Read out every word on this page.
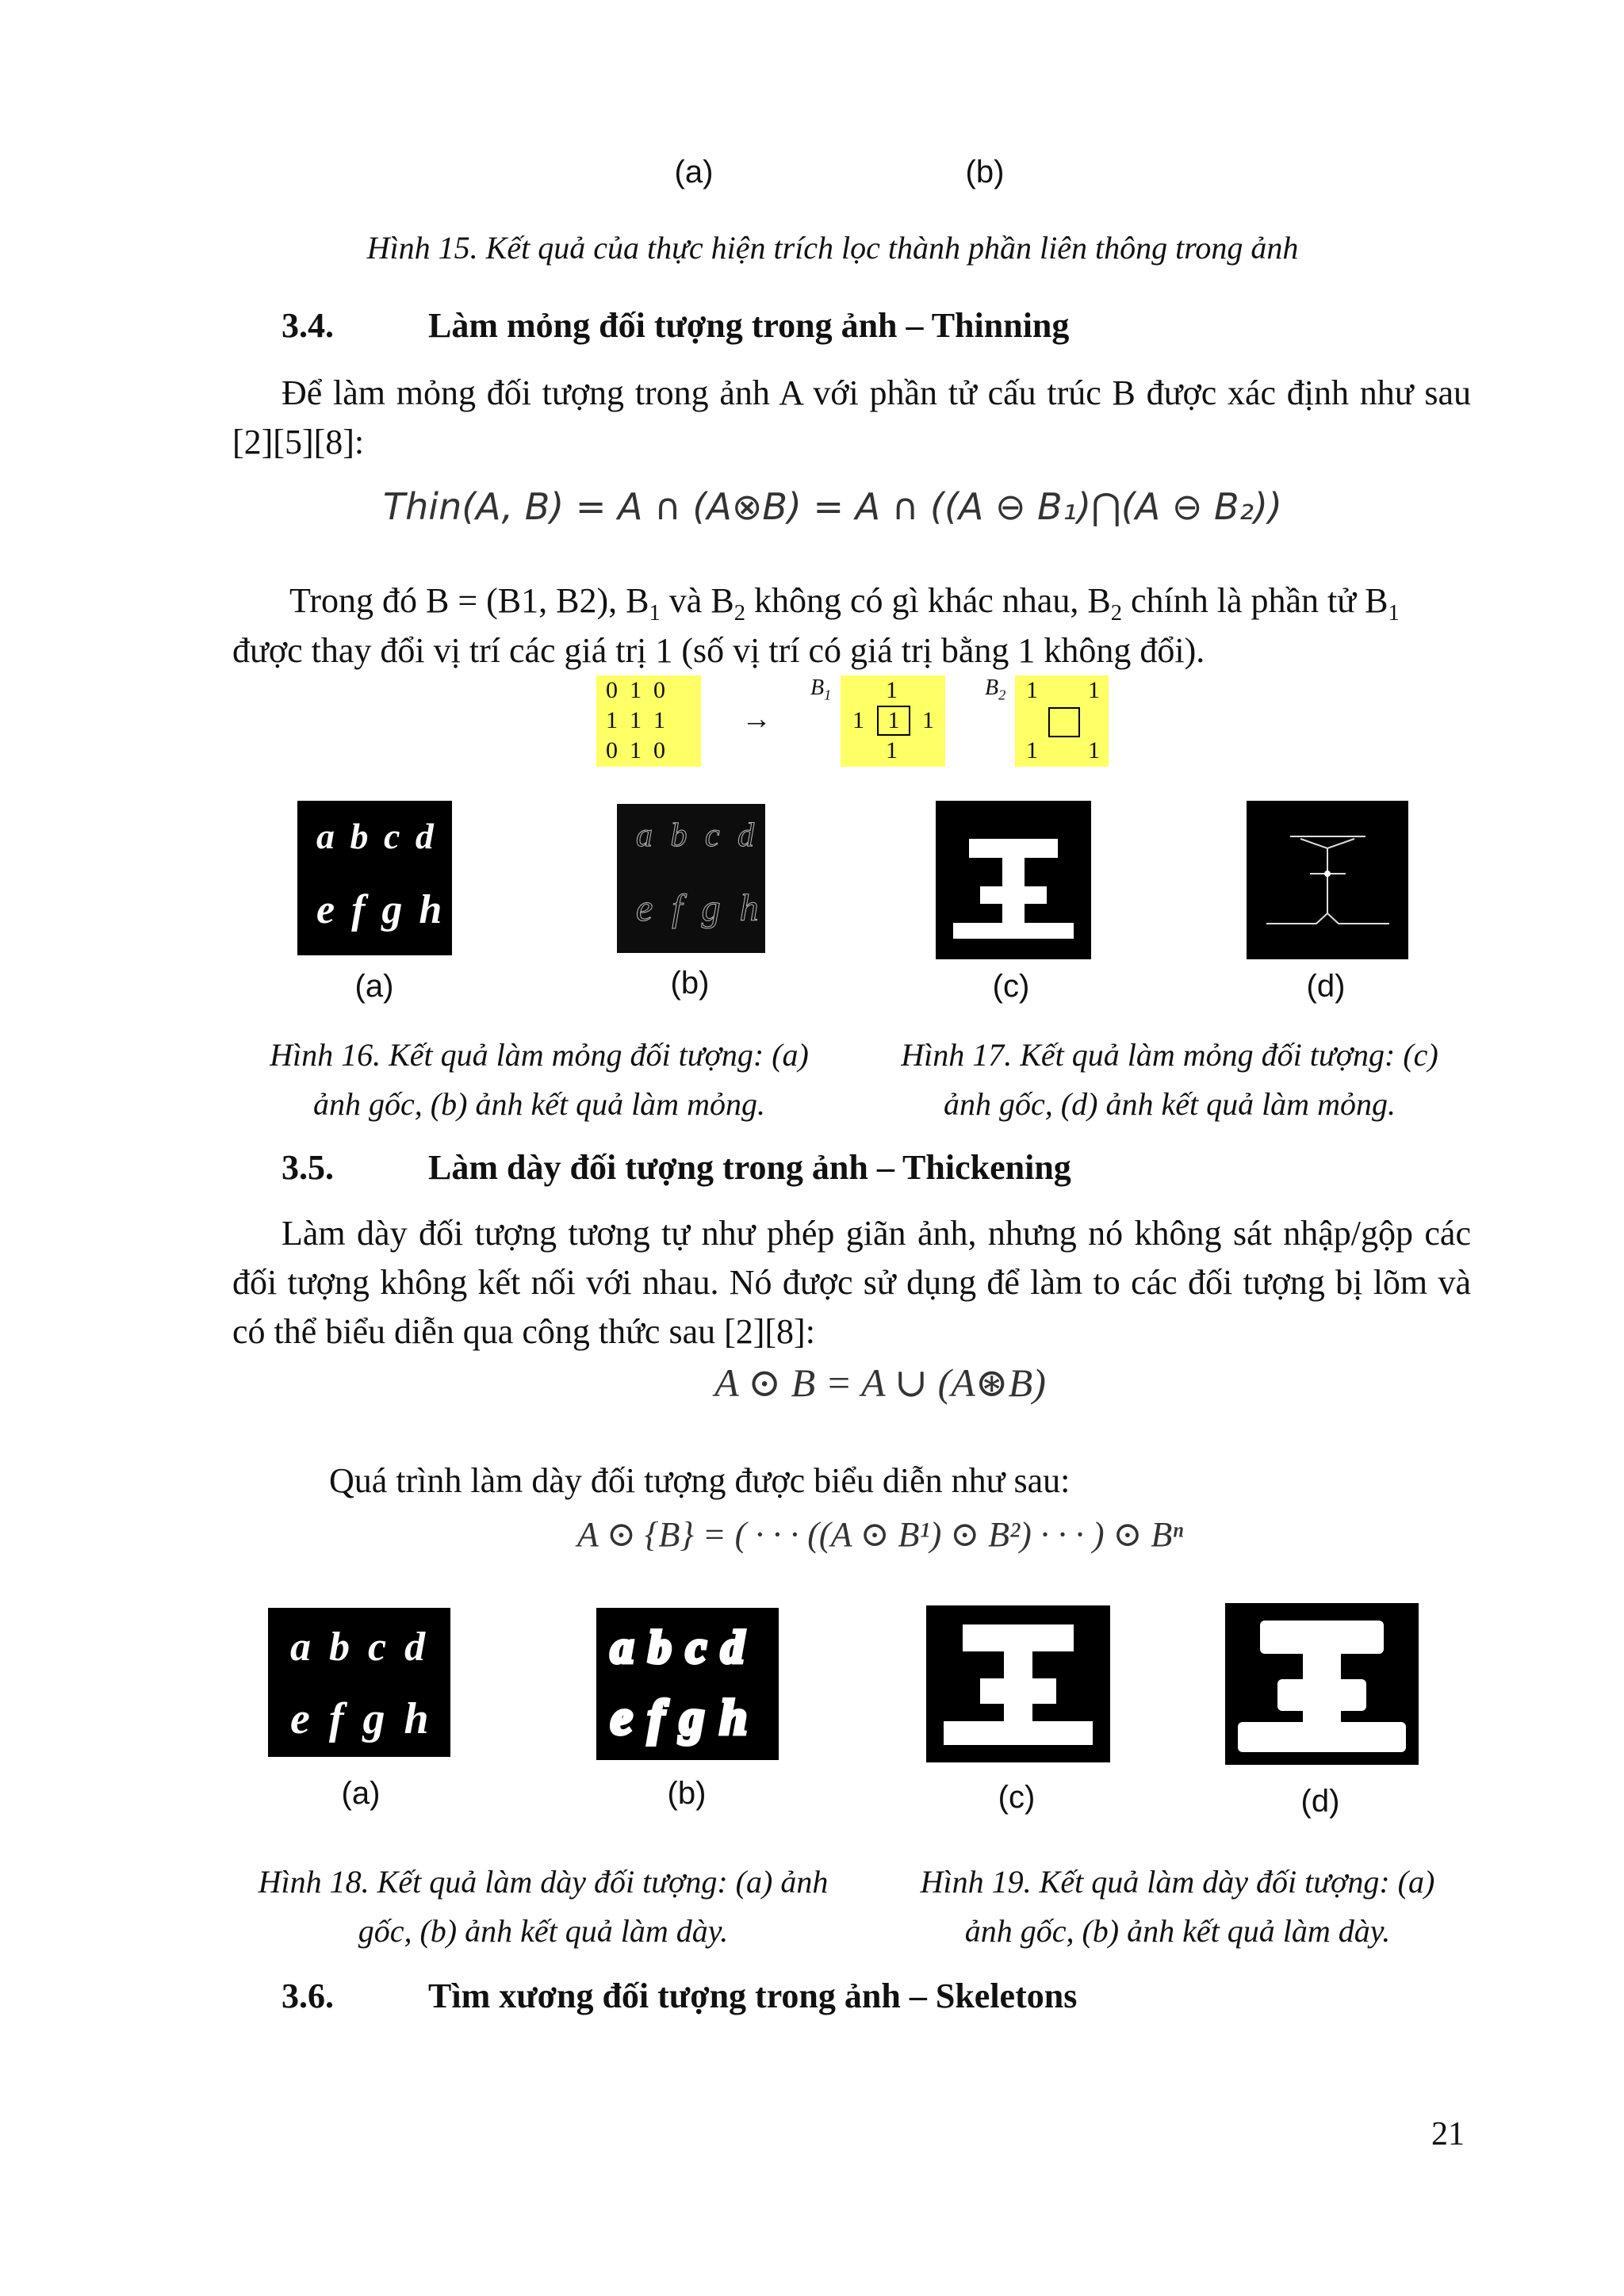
(a)	(b)
Hình 15. Kết quả của thực hiện trích lọc thành phần liên thông trong ảnh
3.4.	Làm mỏng đối tượng trong ảnh – Thinning
Để làm mỏng đối tượng trong ảnh A với phần tử cấu trúc B được xác định như sau
[2][5][8]:
Thin(A, B) = A ∩ (A⊗B) = A ∩ ((A ⊖ B₁)⋂(A ⊖ B₂))
Trong đó B = (B1, B2), $B_1$ và $B_2$ không có gì khác nhau, $B_2$ chính là phần tử $B_1$
được thay đổi vị trí các giá trị 1 (số vị trí có giá trị bằng 1 không đổi).
0  1  0
1  1  1
0  1  0
→
$B_1$ 1
1 1 1
1
$B_2$ 1 1
1 1
a b c d
e f g h
a b c d
e f g h
(a)	(b)	(c)	(d)
Hình 16. Kết quả làm mỏng đối tượng: (a)
ảnh gốc, (b) ảnh kết quả làm mỏng.
Hình 17. Kết quả làm mỏng đối tượng: (c)
ảnh gốc, (d) ảnh kết quả làm mỏng.
3.5.	Làm dày đối tượng trong ảnh – Thickening
Làm dày đối tượng tương tự như phép giãn ảnh, nhưng nó không sát nhập/gộp các
đối tượng không kết nối với nhau. Nó được sử dụng để làm to các đối tượng bị lõm và
có thể biểu diễn qua công thức sau [2][8]:
A ⊙ B = A ∪ (A⊛B)
Quá trình làm dày đối tượng được biểu diễn như sau:
A ⊙ {B} = ( · · · ((A ⊙ B¹) ⊙ B²) · · · ) ⊙ Bⁿ
a b c d
e f g h
a b c d
e f g h
(a)	(b)	(c)	(d)
Hình 18. Kết quả làm dày đối tượng: (a) ảnh
gốc, (b) ảnh kết quả làm dày.
Hình 19. Kết quả làm dày đối tượng: (a)
ảnh gốc, (b) ảnh kết quả làm dày.
3.6.	Tìm xương đối tượng trong ảnh – Skeletons
21
